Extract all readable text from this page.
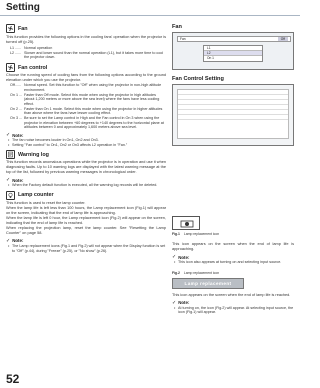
Setting
Fan

This function provides the following options in the cooling fans' operation when the projector is turned off (p.25).

L1 ...... Normal operation
L2 ...... Slower and lower sound than the normal operation (L1), but it takes more time to cool the projector down.
Fan control

Choose the running speed of cooling fans from the following options according to the ground elevation under which you use the projector.

Off...... Normal speed. Set this function to "Off" when using the projector in non-high altitude environment.
On 1 ... Faster than Off mode. Select this mode when using the projector in high altitudes (about 1,200 meters or more above the sea level) where the fans have less cooling effect.
On 2 ... Faster than On 1 mode. Select this mode when using the projector in higher altitudes than above where the fans have lesser cooling effect.
On 3 ... Be sure to set the Lamp control in High and the Fan control in On 3 when using the projector in elevation between +60 degrees to +140 degrees to the horizontal plane at altitudes between 0 and approximately 1,600 meters above sea level.
✓ Note:
• The fan noise becomes louder in On1, On2 and On3.
• Setting "Fan control" to On1, On2 or On3 affects L2 operation in "Fan."
Warning log

This function records anomalous operations while the projector is in operation and use it when diagnosing faults. Up to 10 warning logs are displayed with the latest warning message at the top of the list, followed by previous warning messages in chronological order.

✓ Note:
• When the Factory default function is executed, all the warning log records will be deleted.
Lamp counter

This function is used to reset the lamp counter.

When the lamp life is left less than 100 hours, the Lamp replacement icon (Fig.1) will appear on the screen, indicating that the end of lamp life is approaching.

When the lamp life is left 0 hour, the Lamp replacement icon (Fig.2) will appear on the screen, indicating that the end of lamp life is reached.

When replacing the projection lamp, reset the lamp counter. See "Resetting the Lamp Counter" on page 58.

✓ Note:
• The Lamp replacement icons (Fig.1 and Fig.2) will not appear when the Display function is set to "Off" (p.44), during "Freeze" (p.25), or "No show" (p.26).
Fan
Fan	Off
L1
L2
On 1
Fan Control Setting
Fig.1 Lamp replacement icon

This icon appears on the screen when the end of lamp life is approaching.

✓ Note:
• This icon also appears at turning on and selecting input source.
Fig.2 Lamp replacement icon
Lamp replacement

This icon appears on the screen when the end of lamp life is reached.

✓ Note:
• At turning on, the icon (Fig.2) will appear. At selecting input source, the icon (Fig.1) will appear.
52
